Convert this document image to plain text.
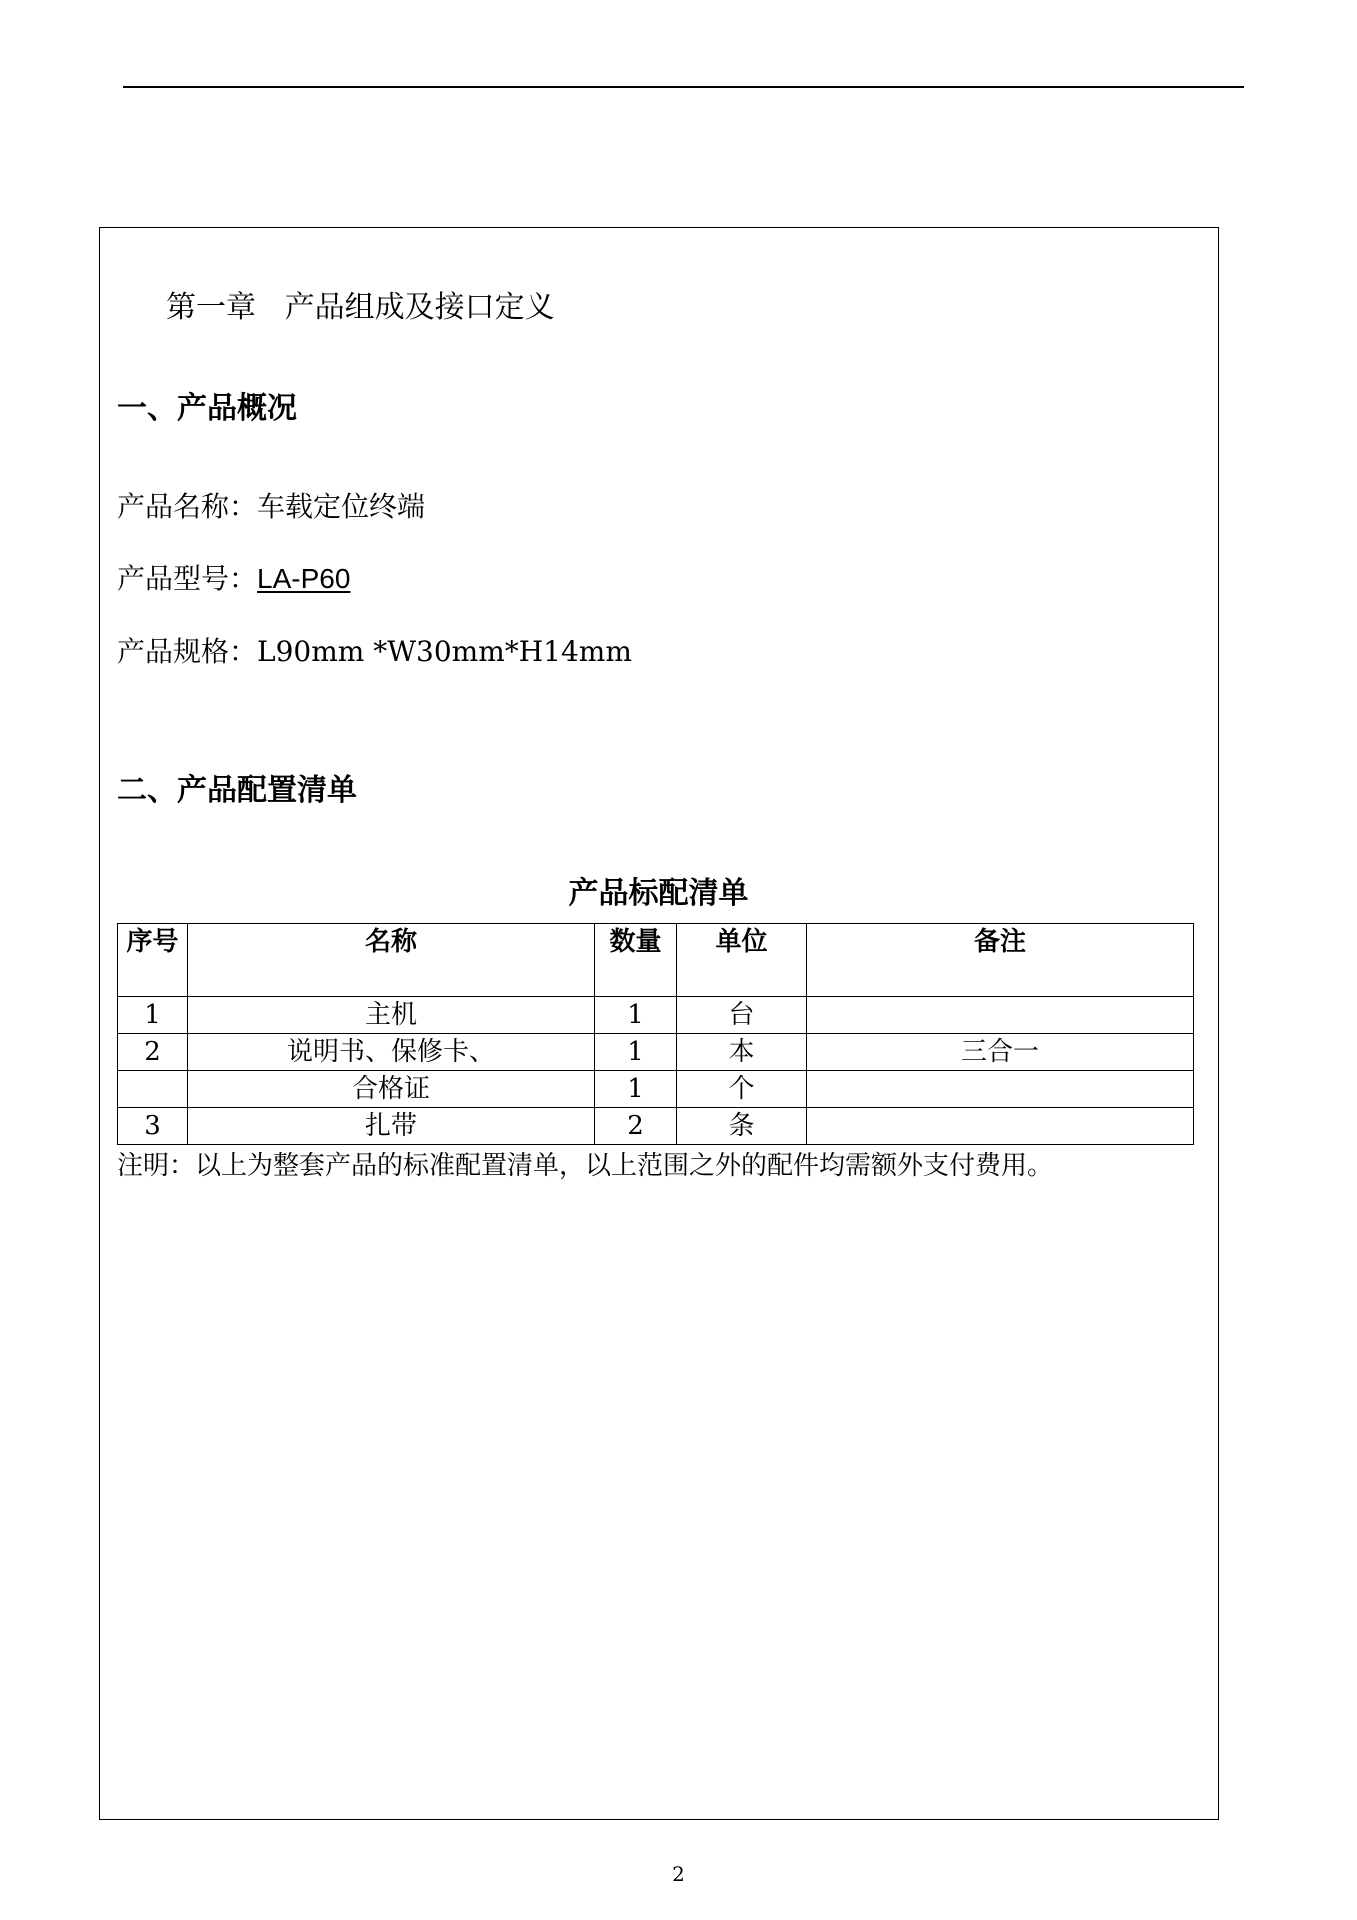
第一章 产品组成及接口定义
一、产品概况
产品名称：车载定位终端
产品型号：LA-P60
产品规格：L90mm *W30mm*H14mm
二、产品配置清单
产品标配清单
序号	名称	数量	单位	备注
1	主机	1	台	
2	说明书、保修卡、	1	本	三合一
	合格证	1	个	
3	扎带	2	条	
注明：以上为整套产品的标准配置清单，以上范围之外的配件均需额外支付费用。
2
